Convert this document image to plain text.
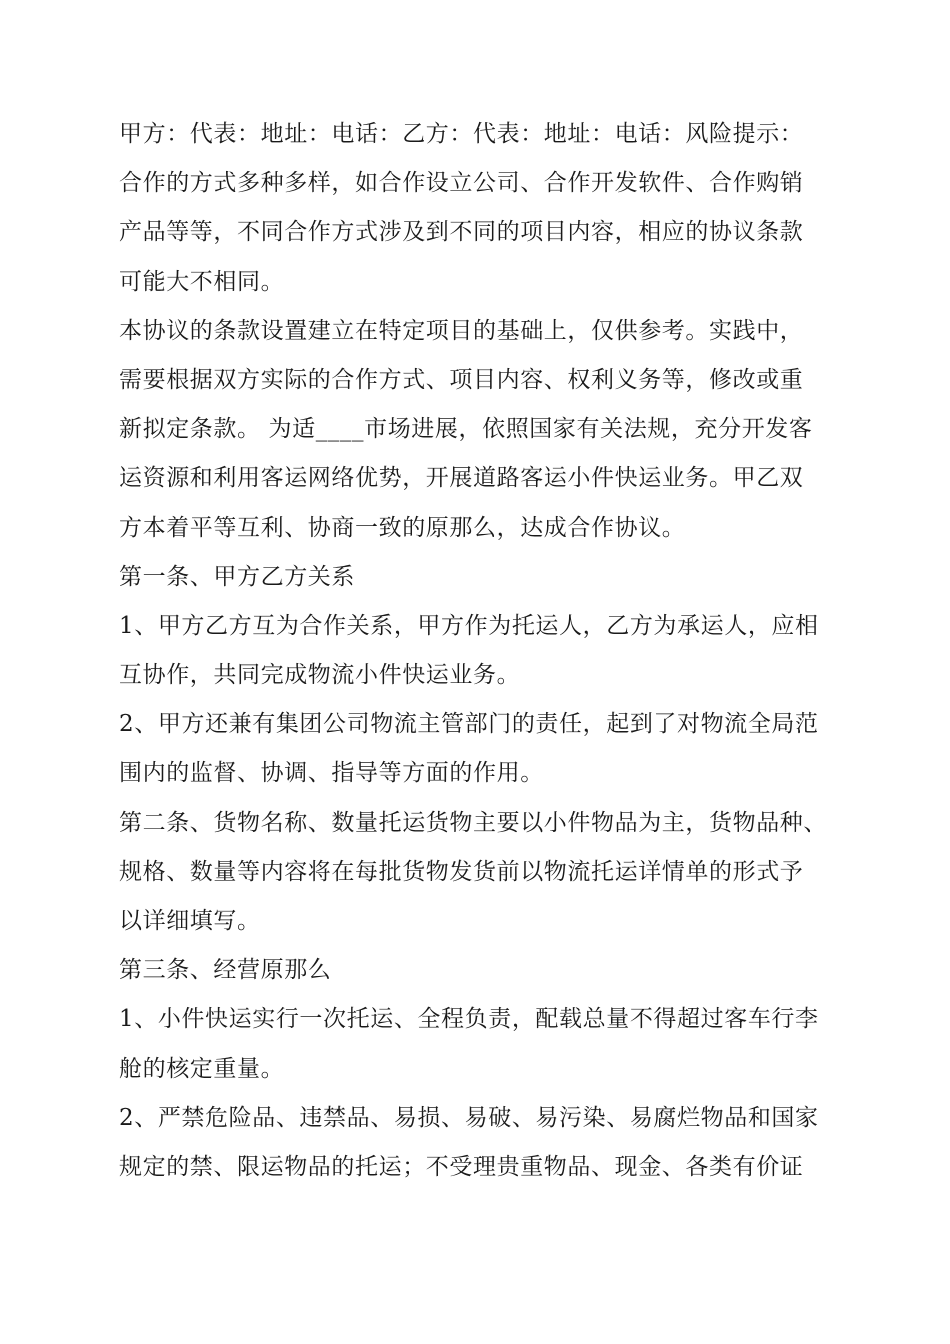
甲方：代表：地址：电话：乙方：代表：地址：电话：风险提示：
合作的方式多种多样，如合作设立公司、合作开发软件、合作购销
产品等等，不同合作方式涉及到不同的项目内容，相应的协议条款
可能大不相同。
本协议的条款设置建立在特定项目的基础上，仅供参考。实践中，
需要根据双方实际的合作方式、项目内容、权利义务等，修改或重
新拟定条款。 为适____市场进展，依照国家有关法规，充分开发客
运资源和利用客运网络优势，开展道路客运小件快运业务。甲乙双
方本着平等互利、协商一致的原那么，达成合作协议。
第一条、甲方乙方关系
1、甲方乙方互为合作关系，甲方作为托运人，乙方为承运人，应相
互协作，共同完成物流小件快运业务。
2、甲方还兼有集团公司物流主管部门的责任，起到了对物流全局范
围内的监督、协调、指导等方面的作用。
第二条、货物名称、数量托运货物主要以小件物品为主，货物品种、
规格、数量等内容将在每批货物发货前以物流托运详情单的形式予
以详细填写。
第三条、经营原那么
1、小件快运实行一次托运、全程负责，配载总量不得超过客车行李
舱的核定重量。
2、严禁危险品、违禁品、易损、易破、易污染、易腐烂物品和国家
规定的禁、限运物品的托运；不受理贵重物品、现金、各类有价证
